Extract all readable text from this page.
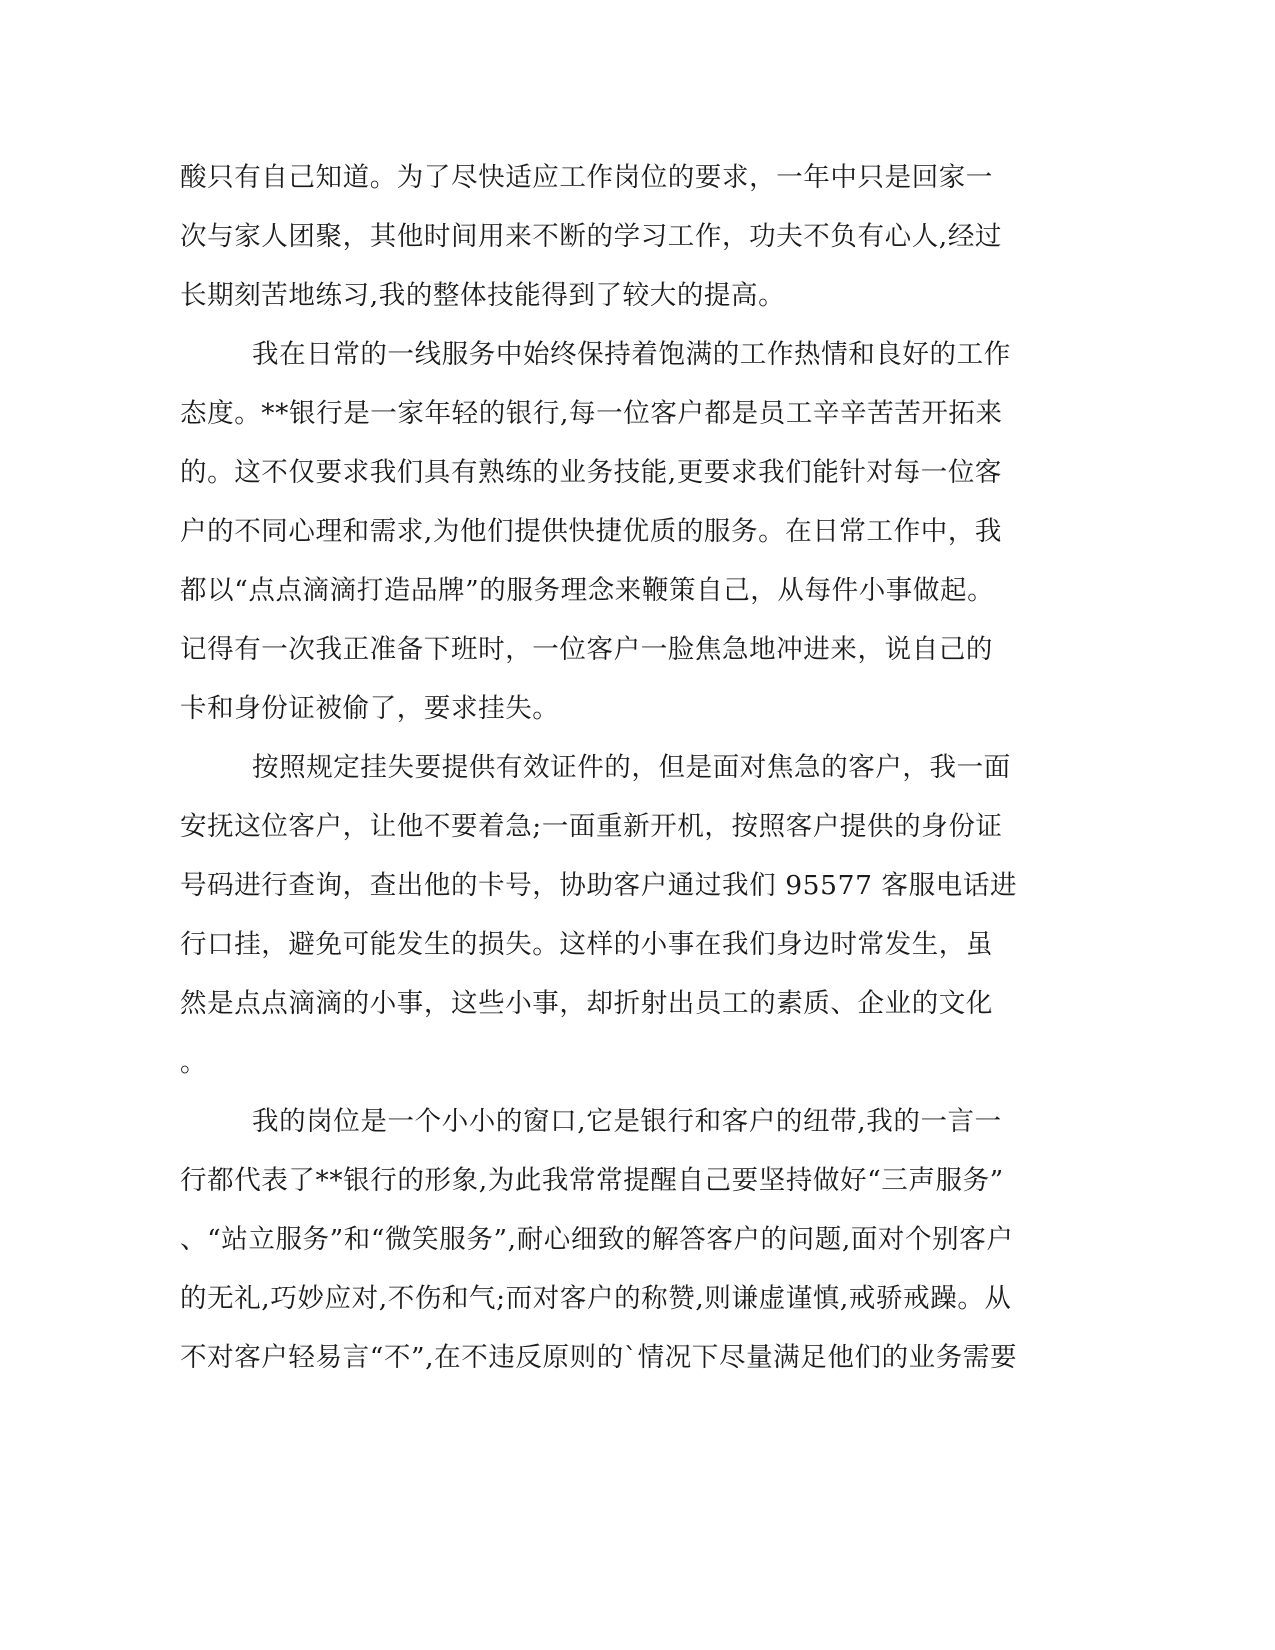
酸只有自己知道。为了尽快适应工作岗位的要求，一年中只是回家一
次与家人团聚，其他时间用来不断的学习工作，功夫不负有心人,经过
长期刻苦地练习,我的整体技能得到了较大的提高。
我在日常的一线服务中始终保持着饱满的工作热情和良好的工作
态度。**银行是一家年轻的银行,每一位客户都是员工辛辛苦苦开拓来
的。这不仅要求我们具有熟练的业务技能,更要求我们能针对每一位客
户的不同心理和需求,为他们提供快捷优质的服务。在日常工作中，我
都以“点点滴滴打造品牌”的服务理念来鞭策自己，从每件小事做起。
记得有一次我正准备下班时，一位客户一脸焦急地冲进来，说自己的
卡和身份证被偷了，要求挂失。
按照规定挂失要提供有效证件的，但是面对焦急的客户，我一面
安抚这位客户，让他不要着急;一面重新开机，按照客户提供的身份证
号码进行查询，查出他的卡号，协助客户通过我们 95577 客服电话进
行口挂，避免可能发生的损失。这样的小事在我们身边时常发生，虽
然是点点滴滴的小事，这些小事，却折射出员工的素质、企业的文化
。
我的岗位是一个小小的窗口,它是银行和客户的纽带,我的一言一
行都代表了**银行的形象,为此我常常提醒自己要坚持做好“三声服务”
、“站立服务”和“微笑服务”,耐心细致的解答客户的问题,面对个别客户
的无礼,巧妙应对,不伤和气;而对客户的称赞,则谦虚谨慎,戒骄戒躁。从
不对客户轻易言“不”,在不违反原则的`情况下尽量满足他们的业务需要
